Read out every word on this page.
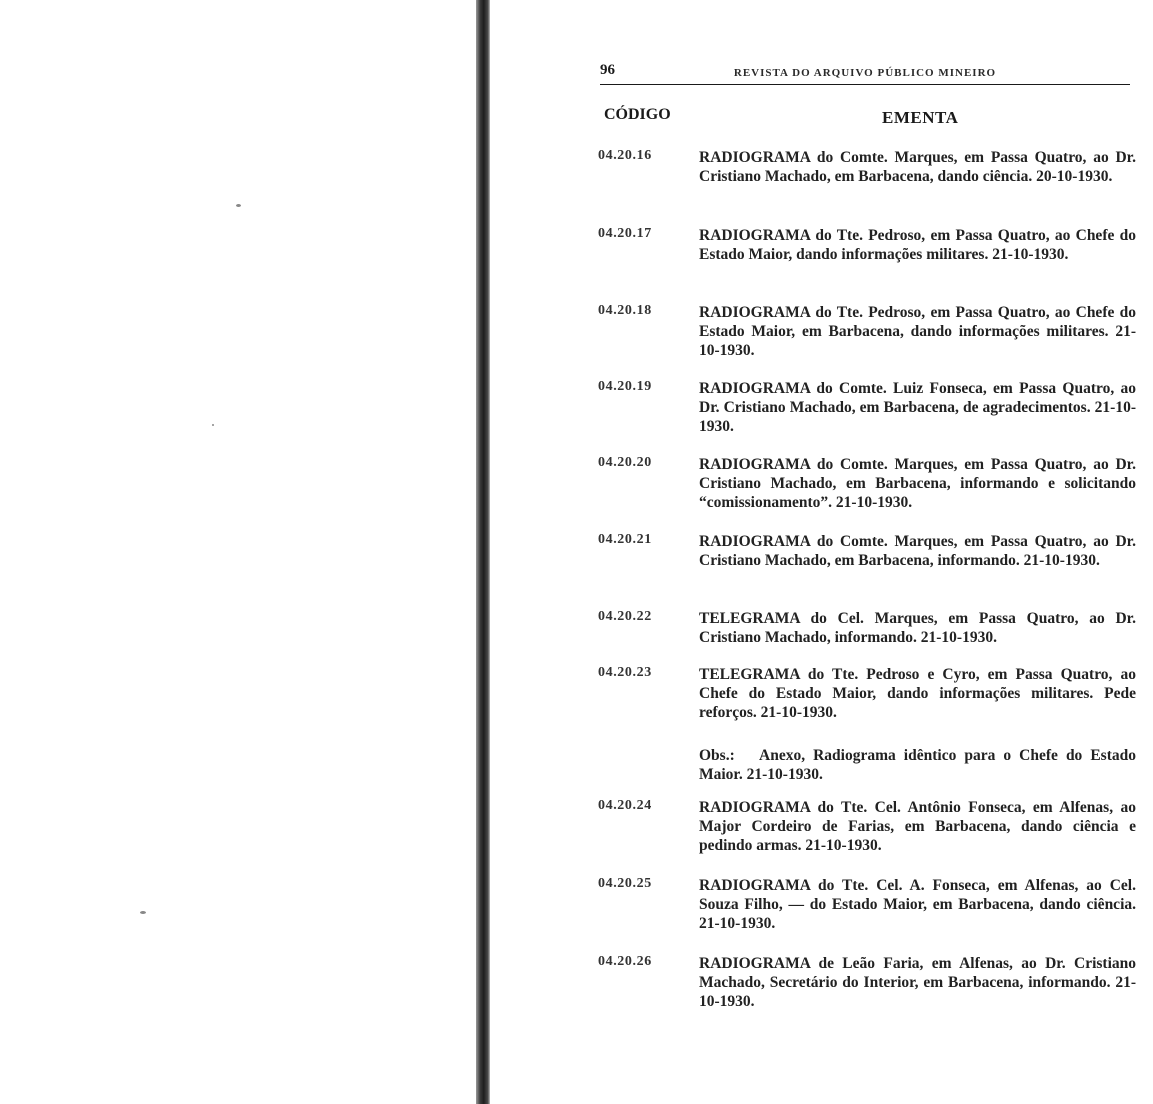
96	REVISTA DO ARQUIVO PÚBLICO MINEIRO
CÓDIGO	EMENTA
04.20.16	RADIOGRAMA do Comte. Marques, em Passa Quatro, ao Dr. Cristiano Machado, em Barbacena, dando ciência. 20-10-1930.
04.20.17	RADIOGRAMA do Tte. Pedroso, em Passa Quatro, ao Chefe do Estado Maior, dando informações militares. 21-10-1930.
04.20.18	RADIOGRAMA do Tte. Pedroso, em Passa Quatro, ao Chefe do Estado Maior, em Barbacena, dando informações militares. 21-10-1930.
04.20.19	RADIOGRAMA do Comte. Luiz Fonseca, em Passa Quatro, ao Dr. Cristiano Machado, em Barbacena, de agradecimentos. 21-10-1930.
04.20.20	RADIOGRAMA do Comte. Marques, em Passa Quatro, ao Dr. Cristiano Machado, em Barbacena, informando e solicitando “comissionamento”. 21-10-1930.
04.20.21	RADIOGRAMA do Comte. Marques, em Passa Quatro, ao Dr. Cristiano Machado, em Barbacena, informando. 21-10-1930.
04.20.22	TELEGRAMA do Cel. Marques, em Passa Quatro, ao Dr. Cristiano Machado, informando. 21-10-1930.
04.20.23	TELEGRAMA do Tte. Pedroso e Cyro, em Passa Quatro, ao Chefe do Estado Maior, dando informações militares. Pede reforços. 21-10-1930.
Obs.: Anexo, Radiograma idêntico para o Chefe do Estado Maior. 21-10-1930.
04.20.24	RADIOGRAMA do Tte. Cel. Antônio Fonseca, em Alfenas, ao Major Cordeiro de Farias, em Barbacena, dando ciência e pedindo armas. 21-10-1930.
04.20.25	RADIOGRAMA do Tte. Cel. A. Fonseca, em Alfenas, ao Cel. Souza Filho, — do Estado Maior, em Barbacena, dando ciência. 21-10-1930.
04.20.26	RADIOGRAMA de Leão Faria, em Alfenas, ao Dr. Cristiano Machado, Secretário do Interior, em Barbacena, informando. 21-10-1930.
